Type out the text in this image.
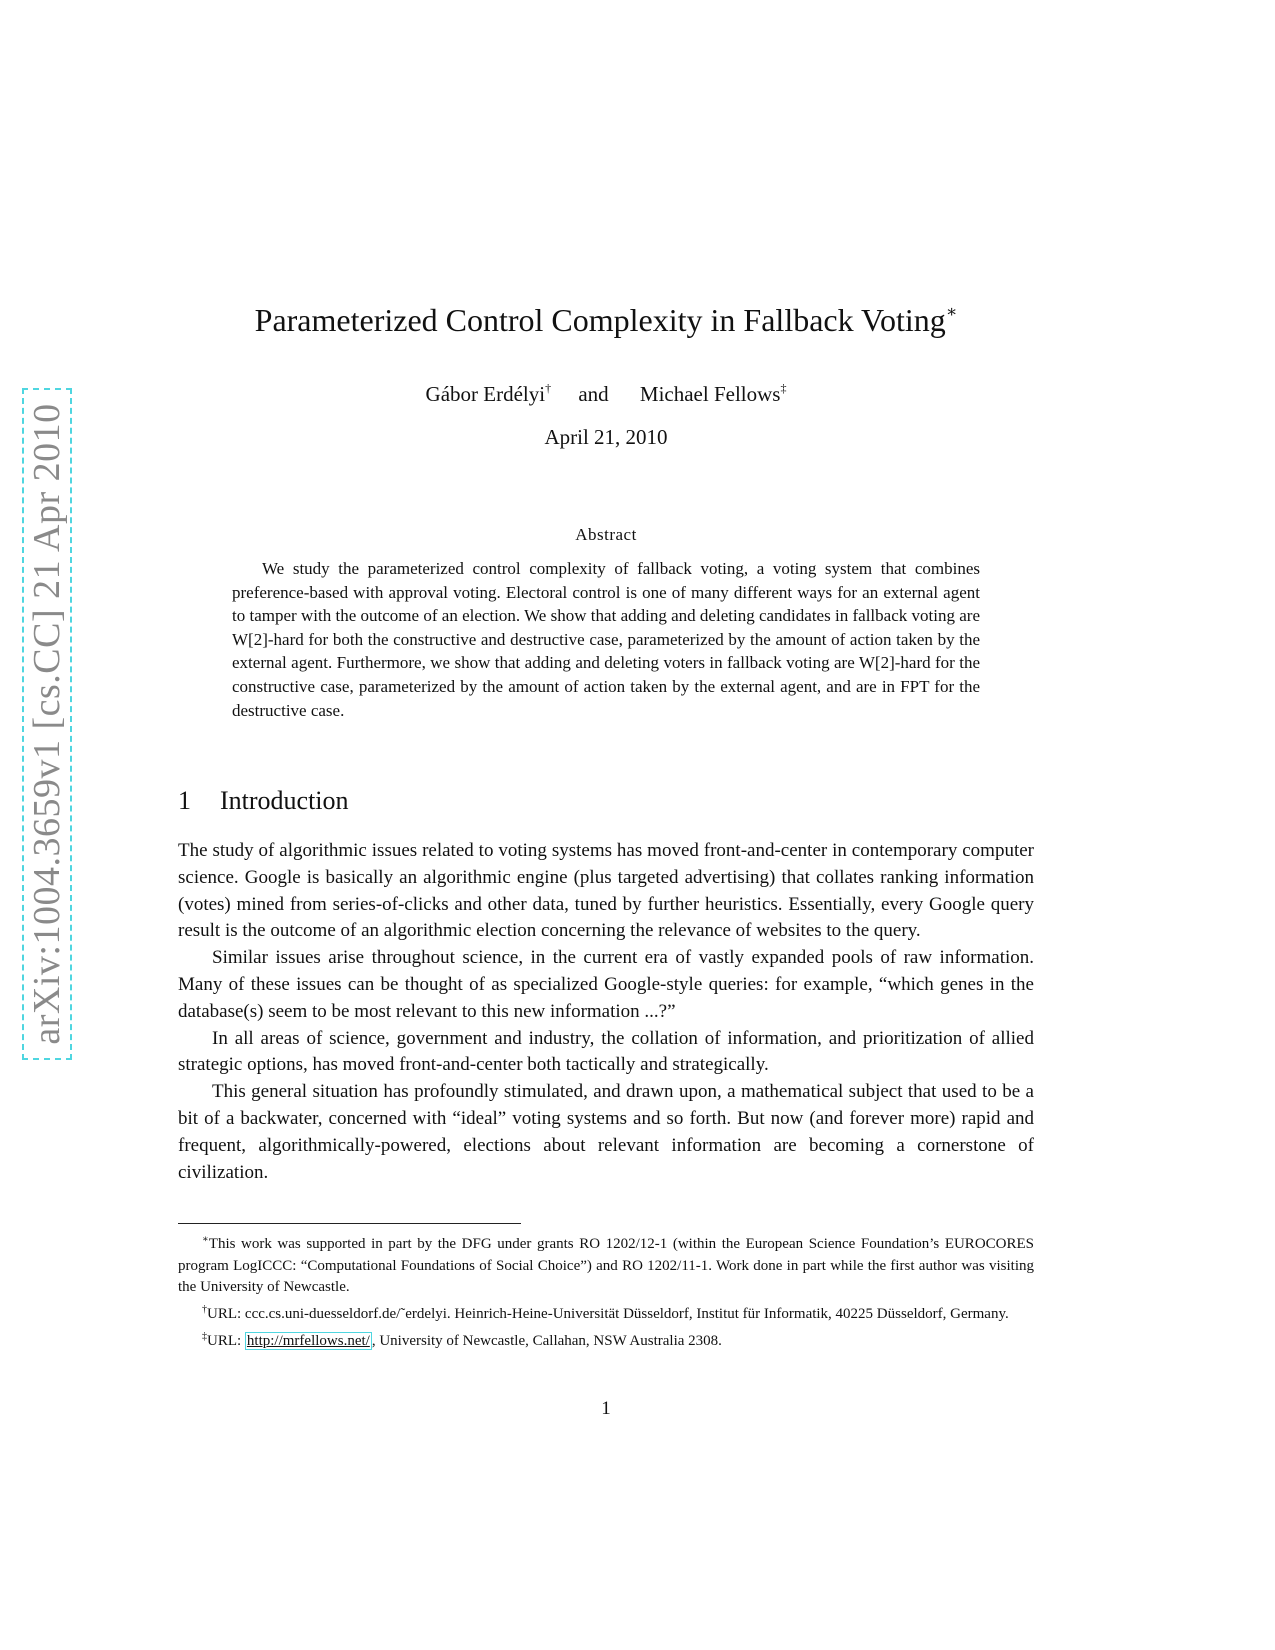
arXiv:1004.3659v1 [cs.CC] 21 Apr 2010
Parameterized Control Complexity in Fallback Voting∗
Gábor Erdélyi† and Michael Fellows‡
April 21, 2010
Abstract
We study the parameterized control complexity of fallback voting, a voting system that combines preference-based with approval voting. Electoral control is one of many different ways for an external agent to tamper with the outcome of an election. We show that adding and deleting candidates in fallback voting are W[2]-hard for both the constructive and destructive case, parameterized by the amount of action taken by the external agent. Furthermore, we show that adding and deleting voters in fallback voting are W[2]-hard for the constructive case, parameterized by the amount of action taken by the external agent, and are in FPT for the destructive case.
1 Introduction

The study of algorithmic issues related to voting systems has moved front-and-center in contemporary computer science. Google is basically an algorithmic engine (plus targeted advertising) that collates ranking information (votes) mined from series-of-clicks and other data, tuned by further heuristics. Essentially, every Google query result is the outcome of an algorithmic election concerning the relevance of websites to the query.

Similar issues arise throughout science, in the current era of vastly expanded pools of raw information. Many of these issues can be thought of as specialized Google-style queries: for example, “which genes in the database(s) seem to be most relevant to this new information ...?”

In all areas of science, government and industry, the collation of information, and prioritization of allied strategic options, has moved front-and-center both tactically and strategically.

This general situation has profoundly stimulated, and drawn upon, a mathematical subject that used to be a bit of a backwater, concerned with “ideal” voting systems and so forth. But now (and forever more) rapid and frequent, algorithmically-powered, elections about relevant information are becoming a cornerstone of civilization.

∗This work was supported in part by the DFG under grants RO 1202/12-1 (within the European Science Foundation’s EUROCORES program LogICCC: “Computational Foundations of Social Choice”) and RO 1202/11-1. Work done in part while the first author was visiting the University of Newcastle.

†URL: ccc.cs.uni-duesseldorf.de/˜erdelyi. Heinrich-Heine-Universität Düsseldorf, Institut für Informatik, 40225 Düsseldorf, Germany.

‡URL: http://mrfellows.net/ , University of Newcastle, Callahan, NSW Australia 2308.

1
